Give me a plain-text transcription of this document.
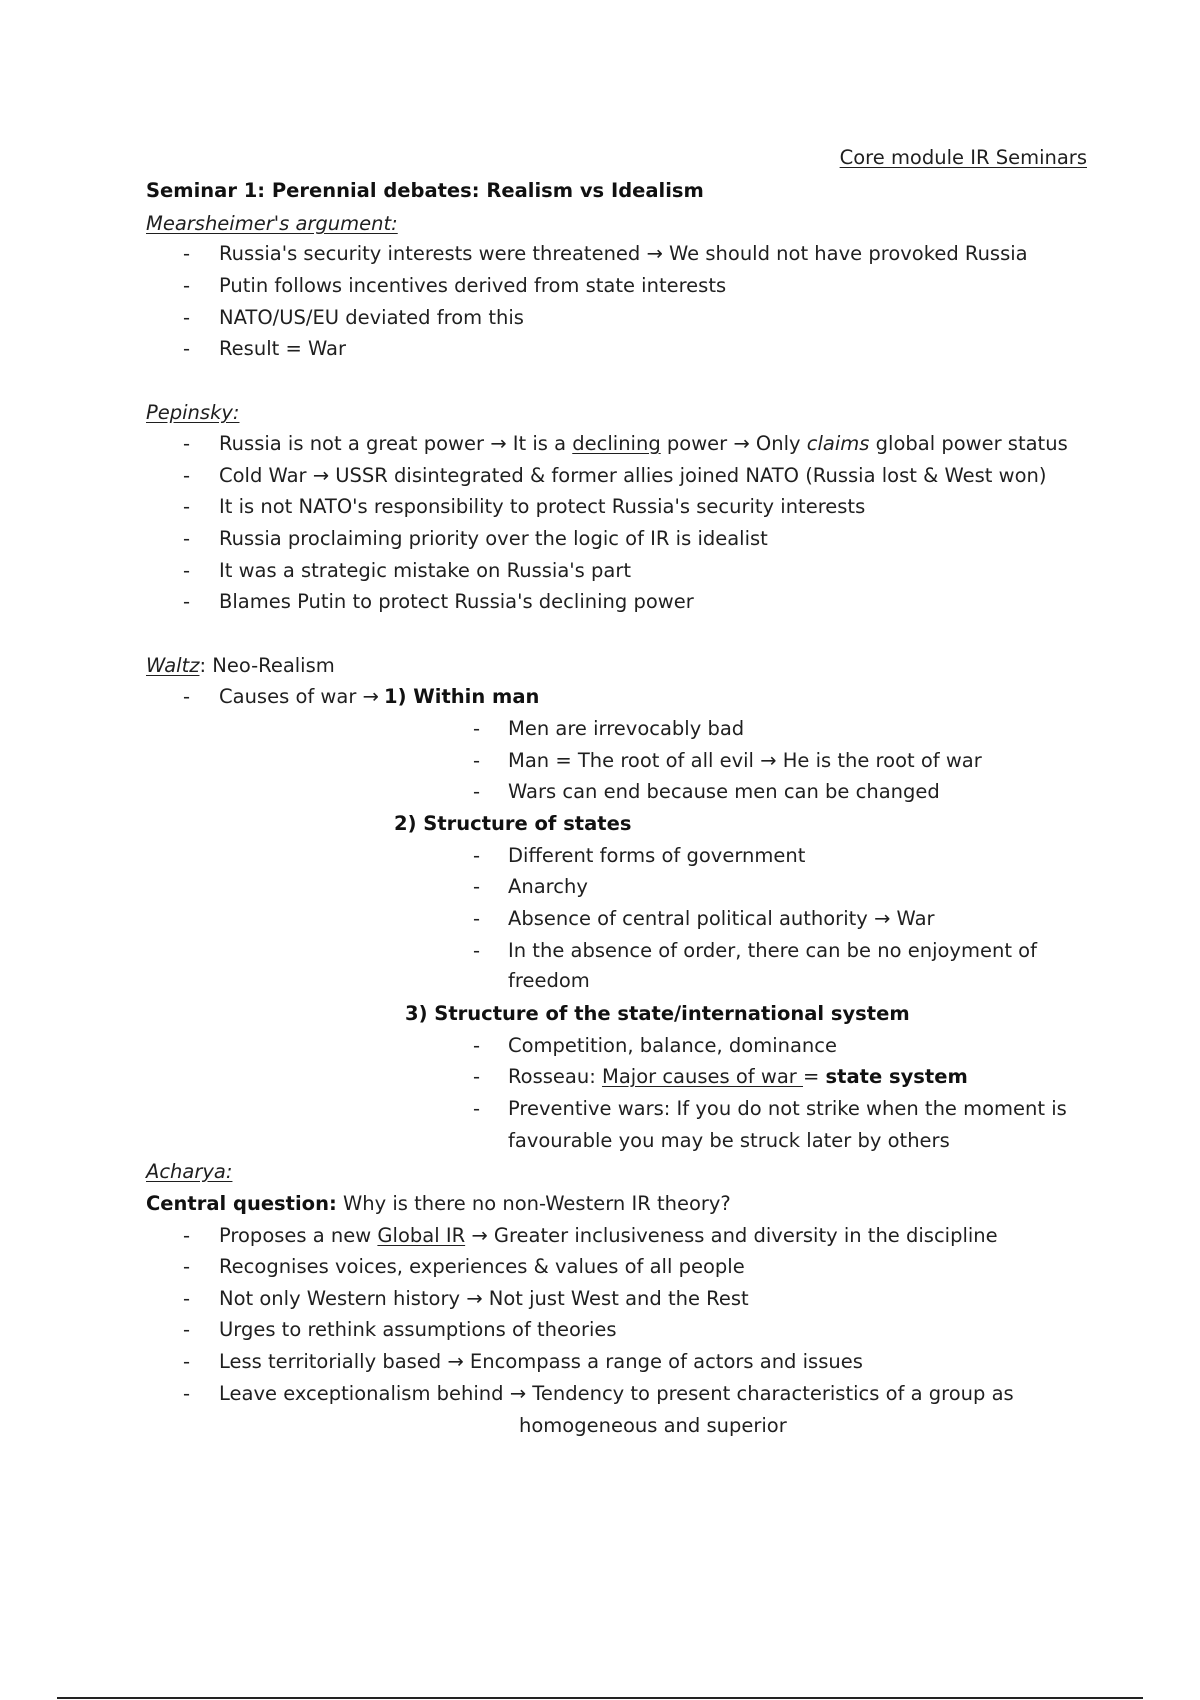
Core module IR Seminars
Seminar 1: Perennial debates: Realism vs Idealism
Mearsheimer's argument:
- Russia's security interests were threatened → We should not have provoked Russia
- Putin follows incentives derived from state interests
- NATO/US/EU deviated from this
- Result = War
Pepinsky:
- Russia is not a great power → It is a declining power → Only claims global power status
- Cold War → USSR disintegrated & former allies joined NATO (Russia lost & West won)
- It is not NATO's responsibility to protect Russia's security interests
- Russia proclaiming priority over the logic of IR is idealist
- It was a strategic mistake on Russia's part
- Blames Putin to protect Russia's declining power
Waltz: Neo-Realism
- Causes of war → 1) Within man
- Men are irrevocably bad
- Man = The root of all evil → He is the root of war
- Wars can end because men can be changed
2) Structure of states
- Different forms of government
- Anarchy
- Absence of central political authority → War
- In the absence of order, there can be no enjoyment of
freedom
3) Structure of the state/international system
- Competition, balance, dominance
- Rosseau: Major causes of war = state system
- Preventive wars: If you do not strike when the moment is
favourable you may be struck later by others
Acharya:
Central question: Why is there no non-Western IR theory?
- Proposes a new Global IR → Greater inclusiveness and diversity in the discipline
- Recognises voices, experiences & values of all people
- Not only Western history → Not just West and the Rest
- Urges to rethink assumptions of theories
- Less territorially based → Encompass a range of actors and issues
- Leave exceptionalism behind → Tendency to present characteristics of a group as
homogeneous and superior
